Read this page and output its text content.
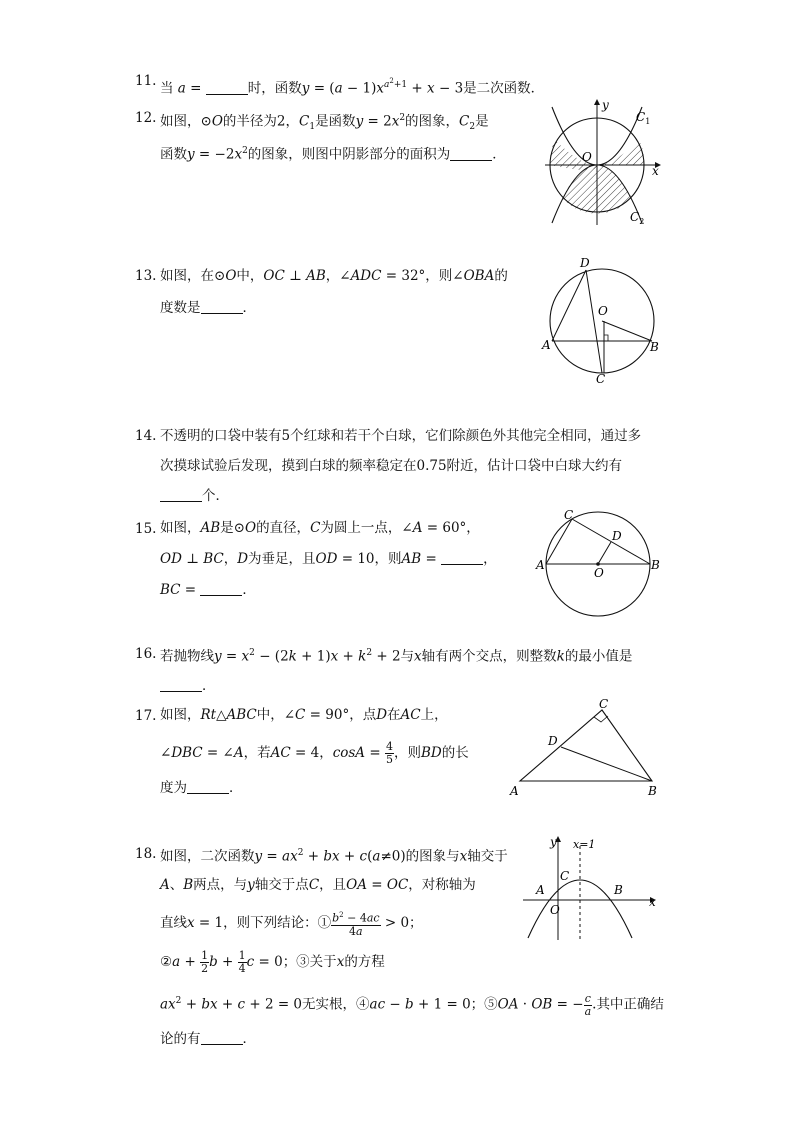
11. 当 a =	时，函数$y = (a - 1)x^{a^2+1} + x - 3$是二次函数．
12. 如图，⊙O的半径为2，$C_1$是函数$y = 2x^2$的图象，$C_2$是
函数$y = -2x^2$的图象，则图中阴影部分的面积为	．
y
x
O
$C_1$
$C_2$
13. 如图，在⊙O中，OC ⊥ AB，∠ADC = 32°，则∠OBA的
度数是	．
D
O
A	B
C
14. 不透明的口袋中装有5个红球和若干个白球，它们除颜色外其他完全相同，通过多
次摸球试验后发现，摸到白球的频率稳定在0.75附近，估计口袋中白球大约有
个．
15. 如图，AB是⊙O的直径，C为圆上一点，∠A = 60°，
OD ⊥ BC，D为垂足，且OD = 10，则AB =	，
BC =	．
C
D
A
O
B
16. 若抛物线$y = x^2 - (2k + 1)x + k^2 + 2$与x轴有两个交点，则整数k的最小值是
．
17. 如图，Rt△ABC中，∠C = 90°，点D在AC上，
∠DBC = ∠A，若AC = 4，$\cos A = \frac{4}{5}$ ，则BD的长
度为	．
C
D
A	B
18. 如图，二次函数$y = ax^2$ + bx + c(a≠0)的图象与x轴交于
A、B两点，与y轴交于点C，且OA = OC，对称轴为
直线x = 1，则下列结论：① $\frac{b^2 - 4ac}{4a} > 0$；
②a + $\frac{1}{2}$ $b + \frac{1}{4}$ c = 0；③关于x的方程
$ax^2$ + bx + c + 2 = 0无实根，④ac − b + 1 = 0；⑤OA · OB = − $\frac{c}{a}$ .其中正确结
论的有	．
y x=1
C
A	B
O
x
